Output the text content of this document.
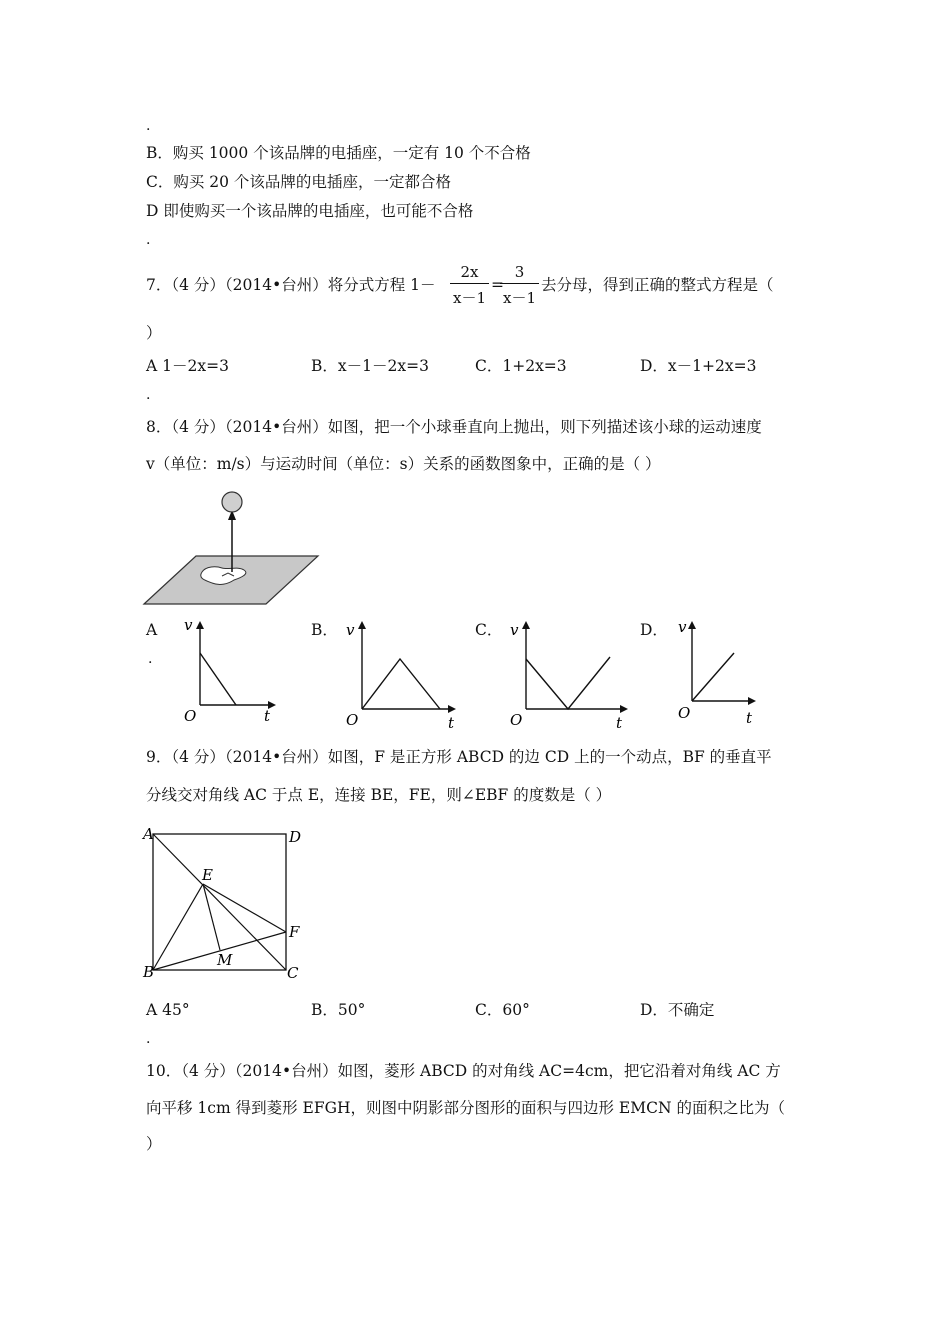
.
B．购买 1000 个该品牌的电插座，一定有 10 个不合格
C．购买 20 个该品牌的电插座，一定都合格
D 即使购买一个该品牌的电插座，也可能不合格
.
7．（4 分）（2014•台州）将分式方程 1－
2x
x－1
=
3
x－1
去分母，得到正确的整式方程是（
）
A 1－2x=3	B．x－1－2x=3	C．1+2x=3	D．x－1+2x=3
.
8．（4 分）（2014•台州）如图，把一个小球垂直向上抛出，则下列描述该小球的运动速度
v（单位：m/s）与运动时间（单位：s）关系的函数图象中，正确的是（ ）
A
.
v
O	t
B． v
O	t
C． v
O	t
D． v
O	t
9．（4 分）（2014•台州）如图，F 是正方形 ABCD 的边 CD 上的一个动点，BF 的垂直平
分线交对角线 AC 于点 E，连接 BE，FE，则∠EBF 的度数是（ ）
A	D
B	C
E
F
M
A 45°	B．50°	C．60°	D．不确定
.
10．（4 分）（2014•台州）如图，菱形 ABCD 的对角线 AC=4cm，把它沿着对角线 AC 方
向平移 1cm 得到菱形 EFGH，则图中阴影部分图形的面积与四边形 EMCN 的面积之比为（
）
